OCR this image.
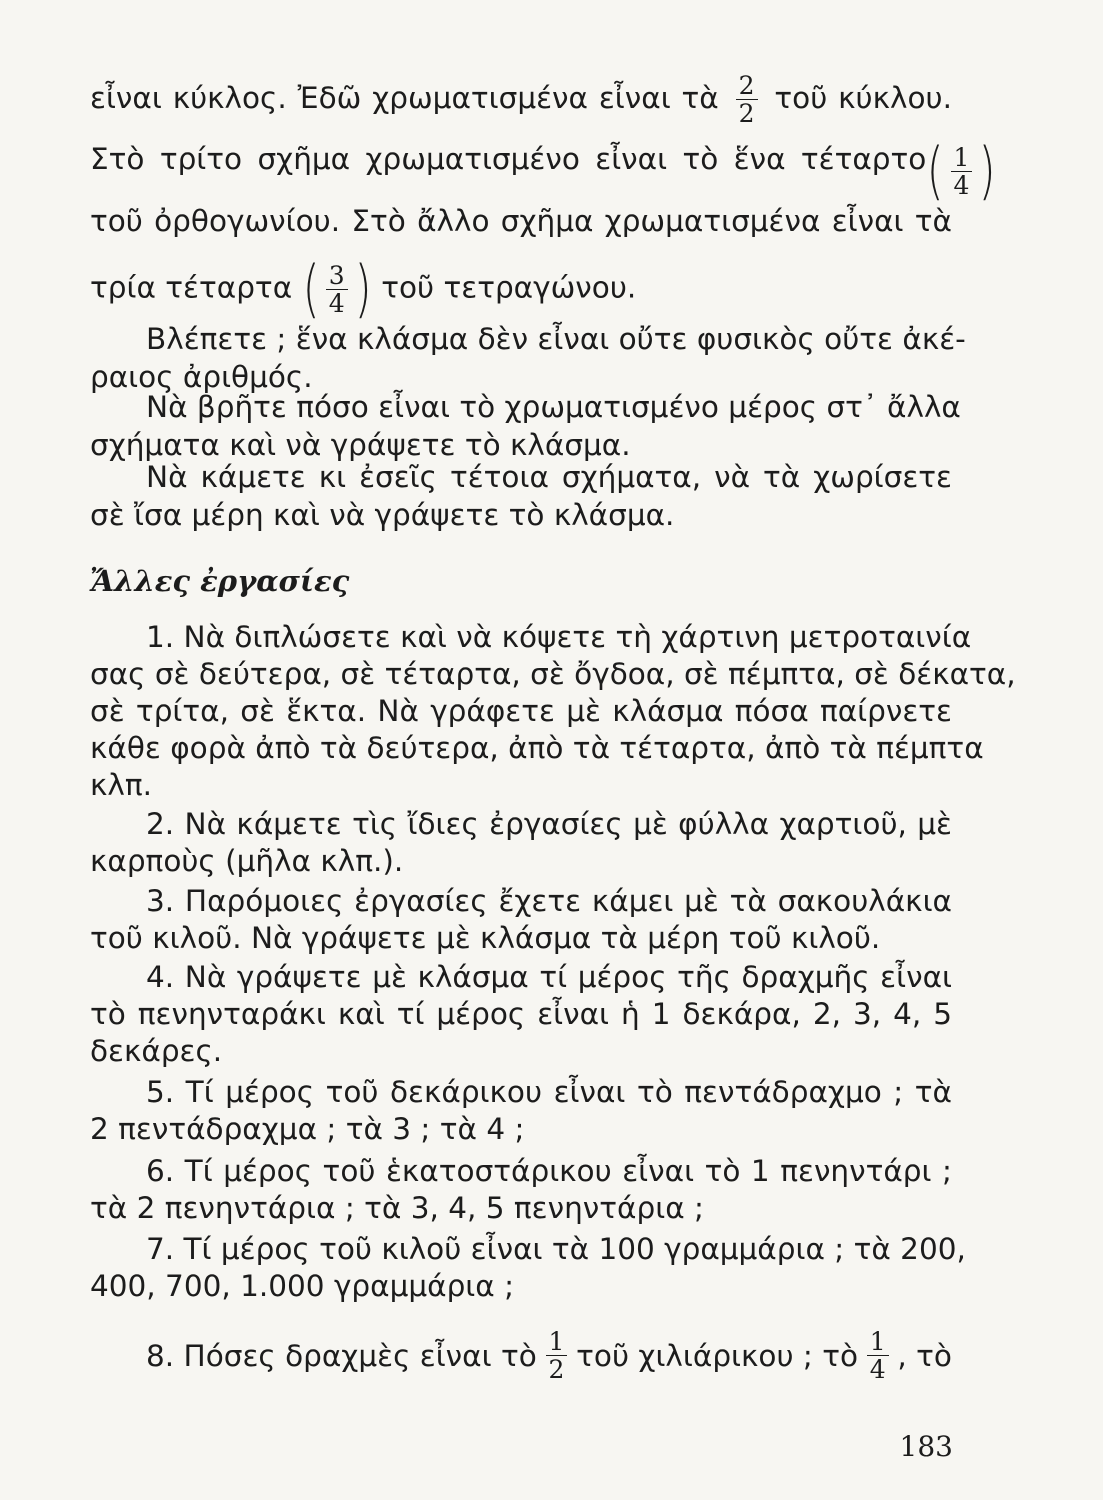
εἶναι κύκλος. Ἐδῶ χρωματισμένα εἶναι τὰ $\frac{2}{2}$ τοῦ κύκλου.
Στὸ τρίτο σχῆμα χρωματισμένο εἶναι τὸ ἕνα τέταρτο ( $\frac{1}{4}$ )
τοῦ ὀρθογωνίου. Στὸ ἄλλο σχῆμα χρωματισμένα εἶναι τὰ
τρία τέταρτα ( $\frac{3}{4}$ ) τοῦ τετραγώνου.
Βλέπετε ; ἕνα κλάσμα δὲν εἶναι οὔτε φυσικὸς οὔτε ἀκέ-
ραιος ἀριθμός.
Νὰ βρῆτε πόσο εἶναι τὸ χρωματισμένο μέρος στ᾽ ἄλλα
σχήματα καὶ νὰ γράψετε τὸ κλάσμα.
Νὰ κάμετε κι ἐσεῖς τέτοια σχήματα, νὰ τὰ χωρίσετε
σὲ ἴσα μέρη καὶ νὰ γράψετε τὸ κλάσμα.
Ἄλλες ἐργασίες
1. Νὰ διπλώσετε καὶ νὰ κόψετε τὴ χάρτινη μετροταινία
σας σὲ δεύτερα, σὲ τέταρτα, σὲ ὄγδοα, σὲ πέμπτα, σὲ δέκατα,
σὲ τρίτα, σὲ ἕκτα. Νὰ γράφετε μὲ κλάσμα πόσα παίρνετε
κάθε φορὰ ἀπὸ τὰ δεύτερα, ἀπὸ τὰ τέταρτα, ἀπὸ τὰ πέμπτα
κλπ.
2. Νὰ κάμετε τὶς ἴδιες ἐργασίες μὲ φύλλα χαρτιοῦ, μὲ
καρποὺς (μῆλα κλπ.).
3. Παρόμοιες ἐργασίες ἔχετε κάμει μὲ τὰ σακουλάκια
τοῦ κιλοῦ. Νὰ γράψετε μὲ κλάσμα τὰ μέρη τοῦ κιλοῦ.
4. Νὰ γράψετε μὲ κλάσμα τί μέρος τῆς δραχμῆς εἶναι
τὸ πενηνταράκι καὶ τί μέρος εἶναι ἡ 1 δεκάρα, 2, 3, 4, 5
δεκάρες.
5. Τί μέρος τοῦ δεκάρικου εἶναι τὸ πεντάδραχμο ; τὰ
2 πεντάδραχμα ; τὰ 3 ; τὰ 4 ;
6. Τί μέρος τοῦ ἑκατοστάρικου εἶναι τὸ 1 πενηντάρι ;
τὰ 2 πενηντάρια ; τὰ 3, 4, 5 πενηντάρια ;
7. Τί μέρος τοῦ κιλοῦ εἶναι τὰ 100 γραμμάρια ; τὰ 200,
400, 700, 1.000 γραμμάρια ;
8. Πόσες δραχμὲς εἶναι τὸ $\frac{1}{2}$ τοῦ χιλιάρικου ; τὸ $\frac{1}{4}$ , τὸ
183
